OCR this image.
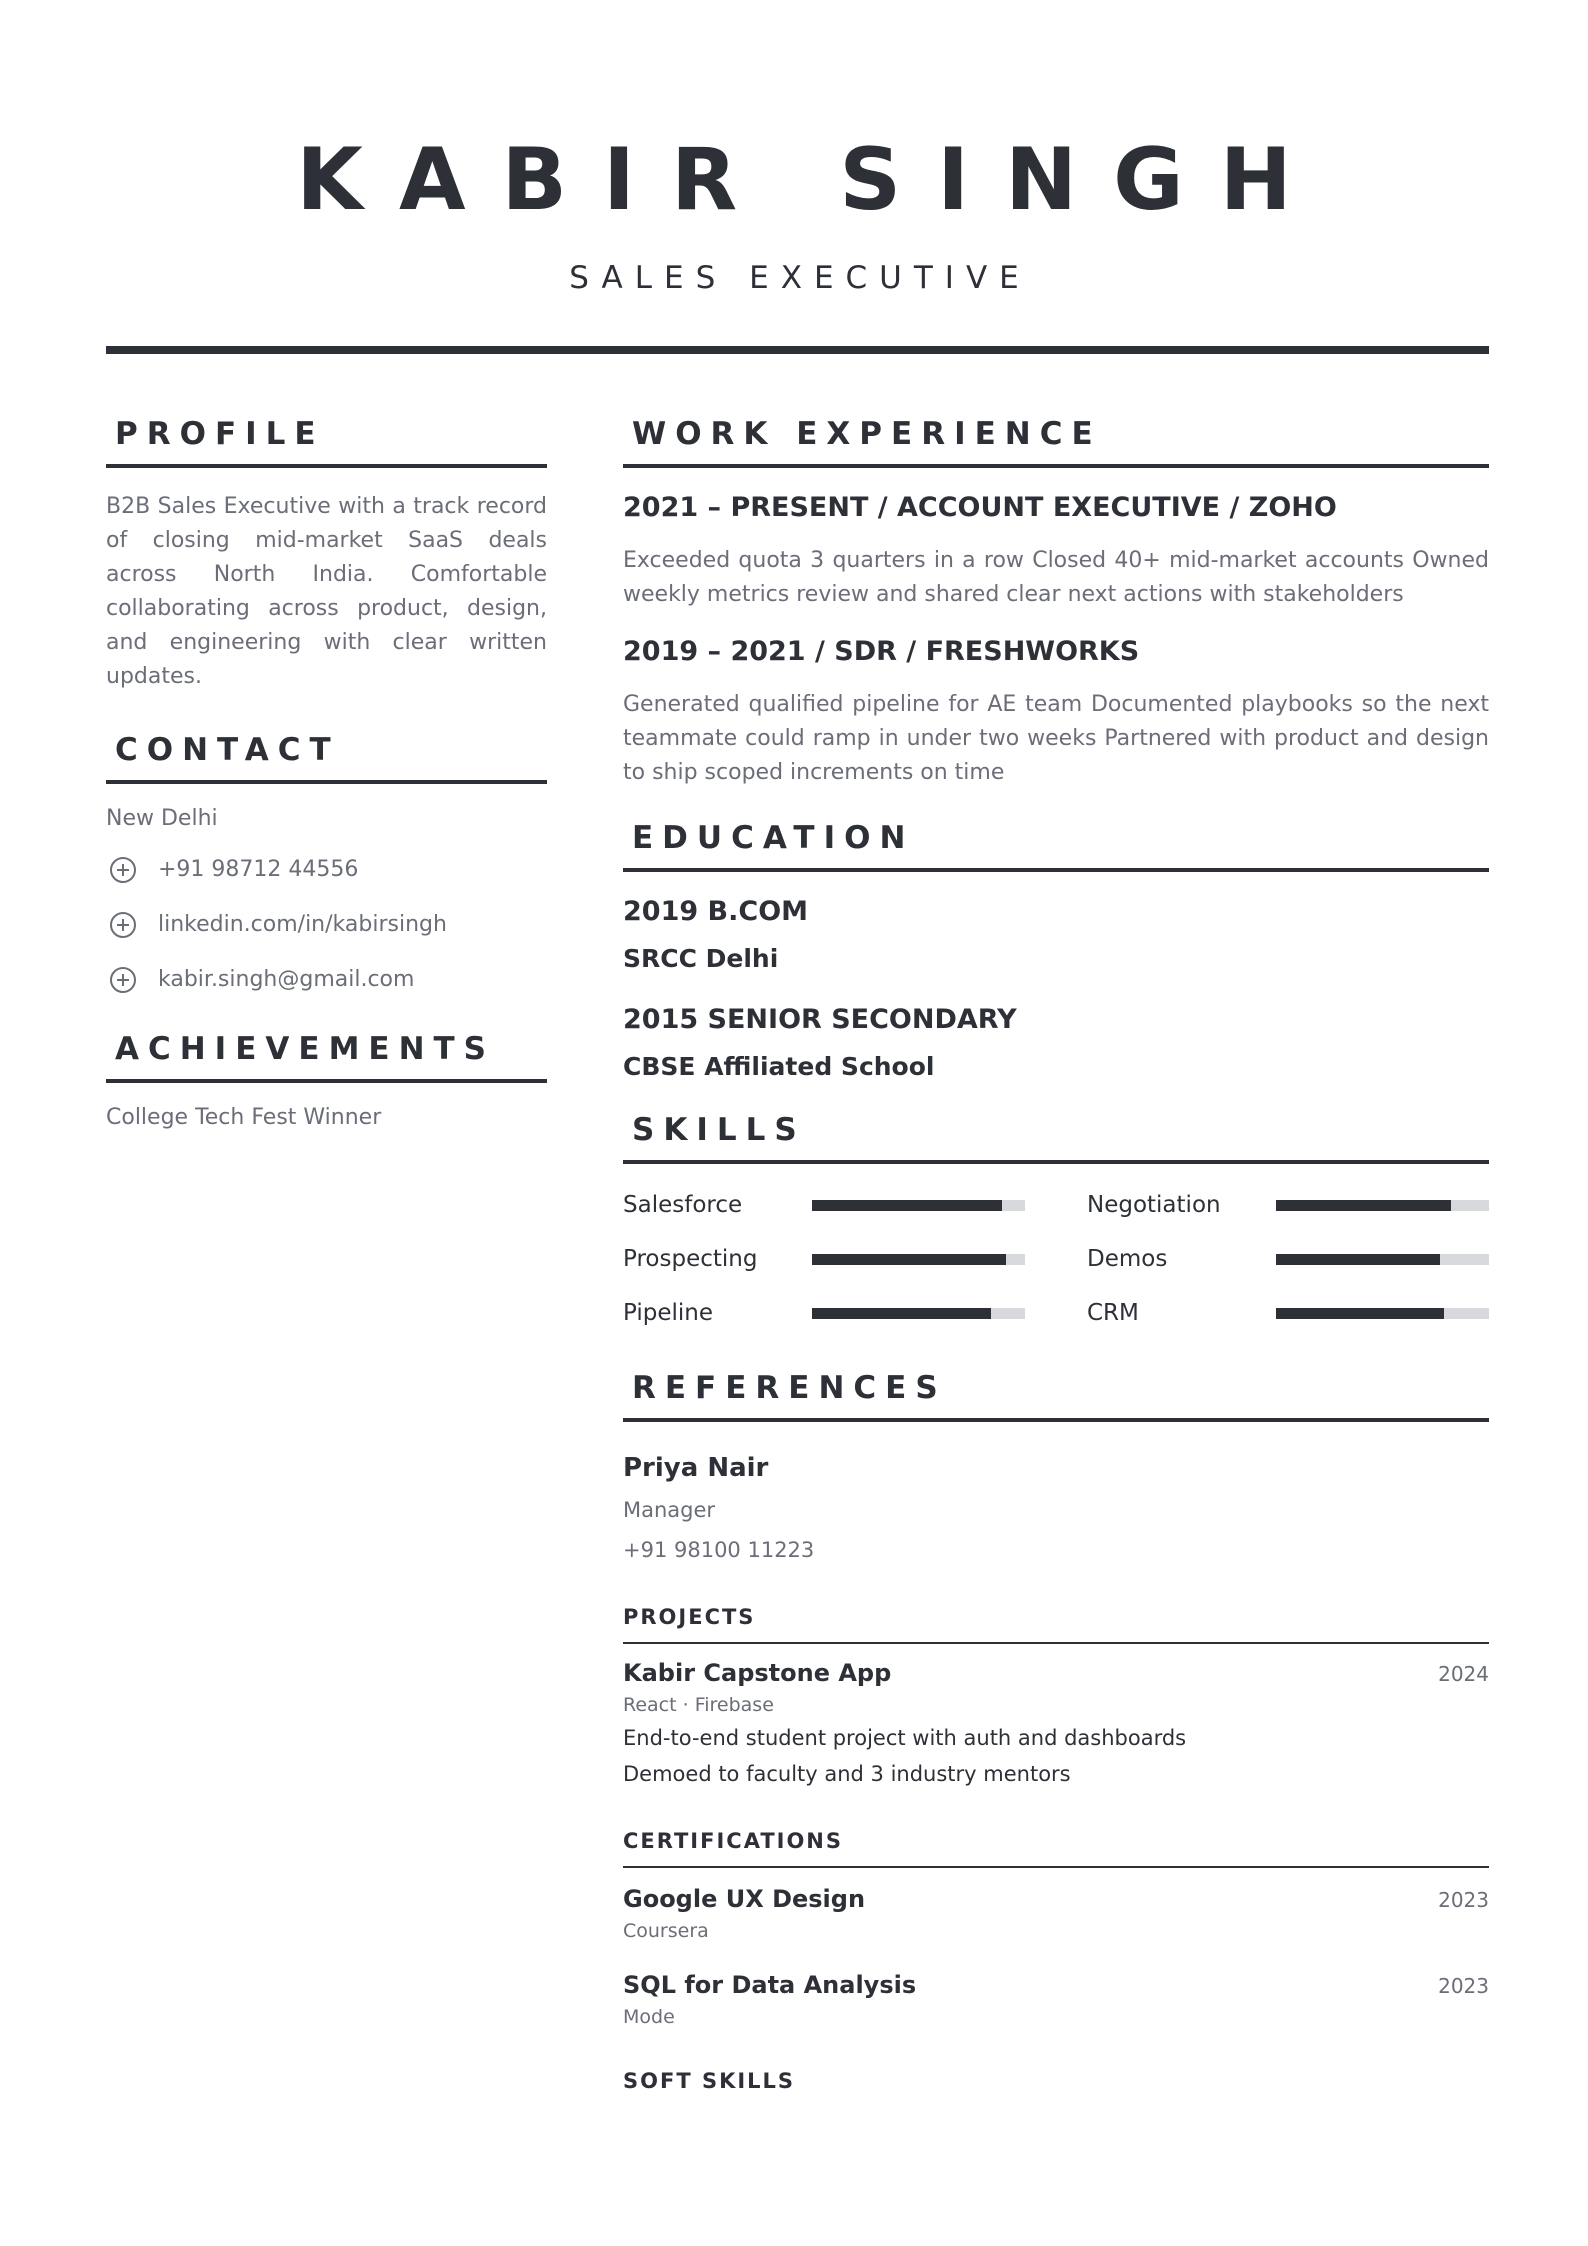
KABIR SINGH
SALES EXECUTIVE
PROFILE
B2B Sales Executive with a track record of closing mid-market SaaS deals across North India. Comfortable collaborating across product, design, and engineering with clear written updates.
CONTACT
New Delhi
+91 98712 44556
linkedin.com/in/kabirsingh
kabir.singh@gmail.com
ACHIEVEMENTS
College Tech Fest Winner
WORK EXPERIENCE
2021 – PRESENT / ACCOUNT EXECUTIVE / ZOHO
Exceeded quota 3 quarters in a row Closed 40+ mid-market accounts Owned weekly metrics review and shared clear next actions with stakeholders
2019 – 2021 / SDR / FRESHWORKS
Generated qualified pipeline for AE team Documented playbooks so the next teammate could ramp in under two weeks Partnered with product and design to ship scoped increments on time
EDUCATION
2019 B.COM
SRCC Delhi
2015 SENIOR SECONDARY
CBSE Affiliated School
SKILLS
Salesforce	Negotiation
Prospecting	Demos
Pipeline	CRM
REFERENCES
Priya Nair
Manager
+91 98100 11223
PROJECTS
Kabir Capstone App	2024
React · Firebase
End-to-end student project with auth and dashboards
Demoed to faculty and 3 industry mentors
CERTIFICATIONS
Google UX Design	2023
Coursera
SQL for Data Analysis	2023
Mode
SOFT SKILLS
